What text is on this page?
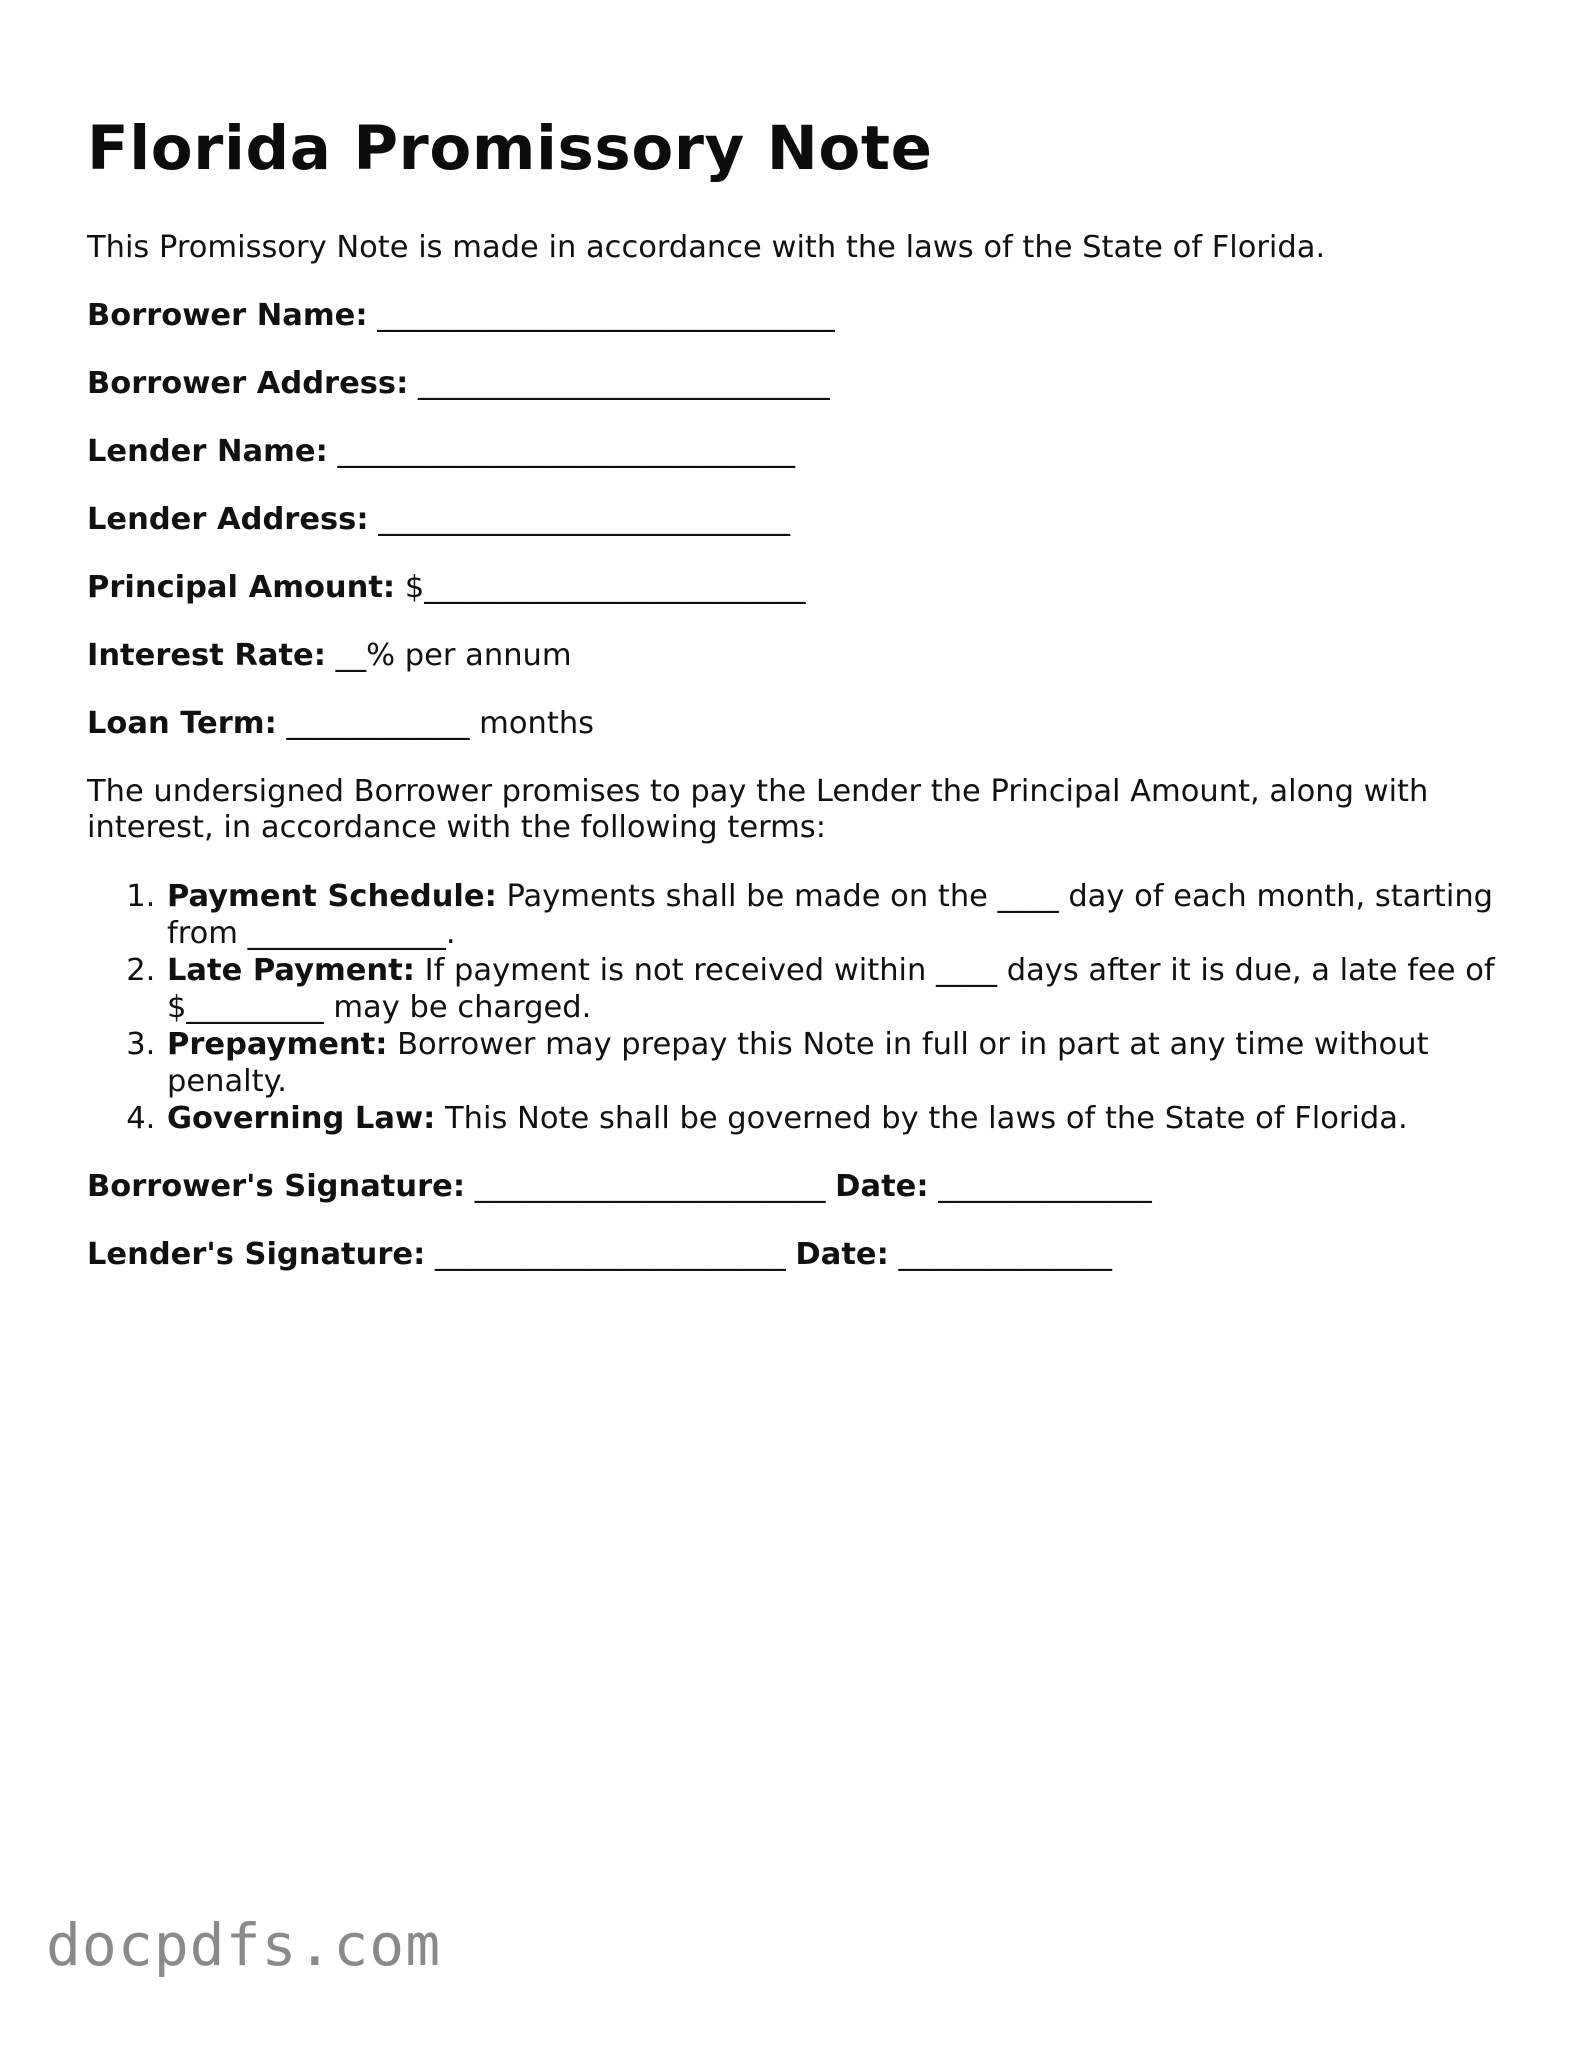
Florida Promissory Note

This Promissory Note is made in accordance with the laws of the State of Florida.

Borrower Name: ______________________________

Borrower Address: ___________________________

Lender Name: ______________________________

Lender Address: ___________________________

Principal Amount: $_________________________

Interest Rate: __% per annum

Loan Term: ____________ months

The undersigned Borrower promises to pay the Lender the Principal Amount, along with interest, in accordance with the following terms:

1. Payment Schedule: Payments shall be made on the ____ day of each month, starting from _____________.
2. Late Payment: If payment is not received within ____ days after it is due, a late fee of $_________ may be charged.
3. Prepayment: Borrower may prepay this Note in full or in part at any time without penalty.
4. Governing Law: This Note shall be governed by the laws of the State of Florida.

Borrower's Signature: _______________________ Date: ______________

Lender's Signature: _______________________ Date: ______________

docpdfs.com
